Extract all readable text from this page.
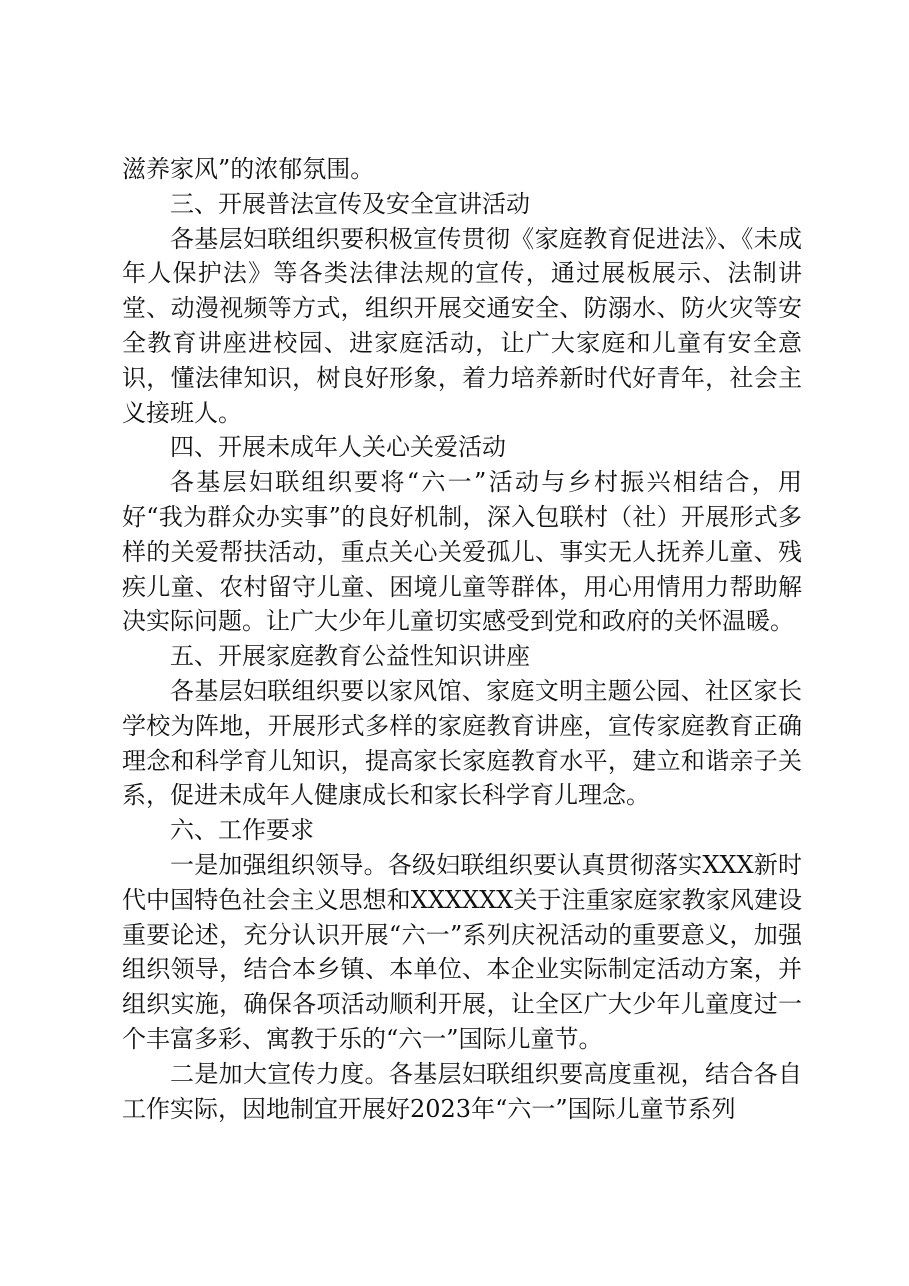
滋养家风”的浓郁氛围。

三、开展普法宣传及安全宣讲活动

各基层妇联组织要积极宣传贯彻《家庭教育促进法》、《未成年人保护法》等各类法律法规的宣传，通过展板展示、法制讲堂、动漫视频等方式，组织开展交通安全、防溺水、防火灾等安全教育讲座进校园、进家庭活动，让广大家庭和儿童有安全意识，懂法律知识，树良好形象，着力培养新时代好青年，社会主义接班人。

四、开展未成年人关心关爱活动

各基层妇联组织要将“六一”活动与乡村振兴相结合，用好“我为群众办实事”的良好机制，深入包联村（社）开展形式多样的关爱帮扶活动，重点关心关爱孤儿、事实无人抚养儿童、残疾儿童、农村留守儿童、困境儿童等群体，用心用情用力帮助解决实际问题。让广大少年儿童切实感受到党和政府的关怀温暖。

五、开展家庭教育公益性知识讲座

各基层妇联组织要以家风馆、家庭文明主题公园、社区家长学校为阵地，开展形式多样的家庭教育讲座，宣传家庭教育正确理念和科学育儿知识，提高家长家庭教育水平，建立和谐亲子关系，促进未成年人健康成长和家长科学育儿理念。

六、工作要求

一是加强组织领导。各级妇联组织要认真贯彻落实XXX新时代中国特色社会主义思想和XXXXXX关于注重家庭家教家风建设重要论述，充分认识开展“六一”系列庆祝活动的重要意义，加强组织领导，结合本乡镇、本单位、本企业实际制定活动方案，并组织实施，确保各项活动顺利开展，让全区广大少年儿童度过一个丰富多彩、寓教于乐的“六一”国际儿童节。

二是加大宣传力度。各基层妇联组织要高度重视，结合各自工作实际，因地制宜开展好2023年“六一”国际儿童节系列
